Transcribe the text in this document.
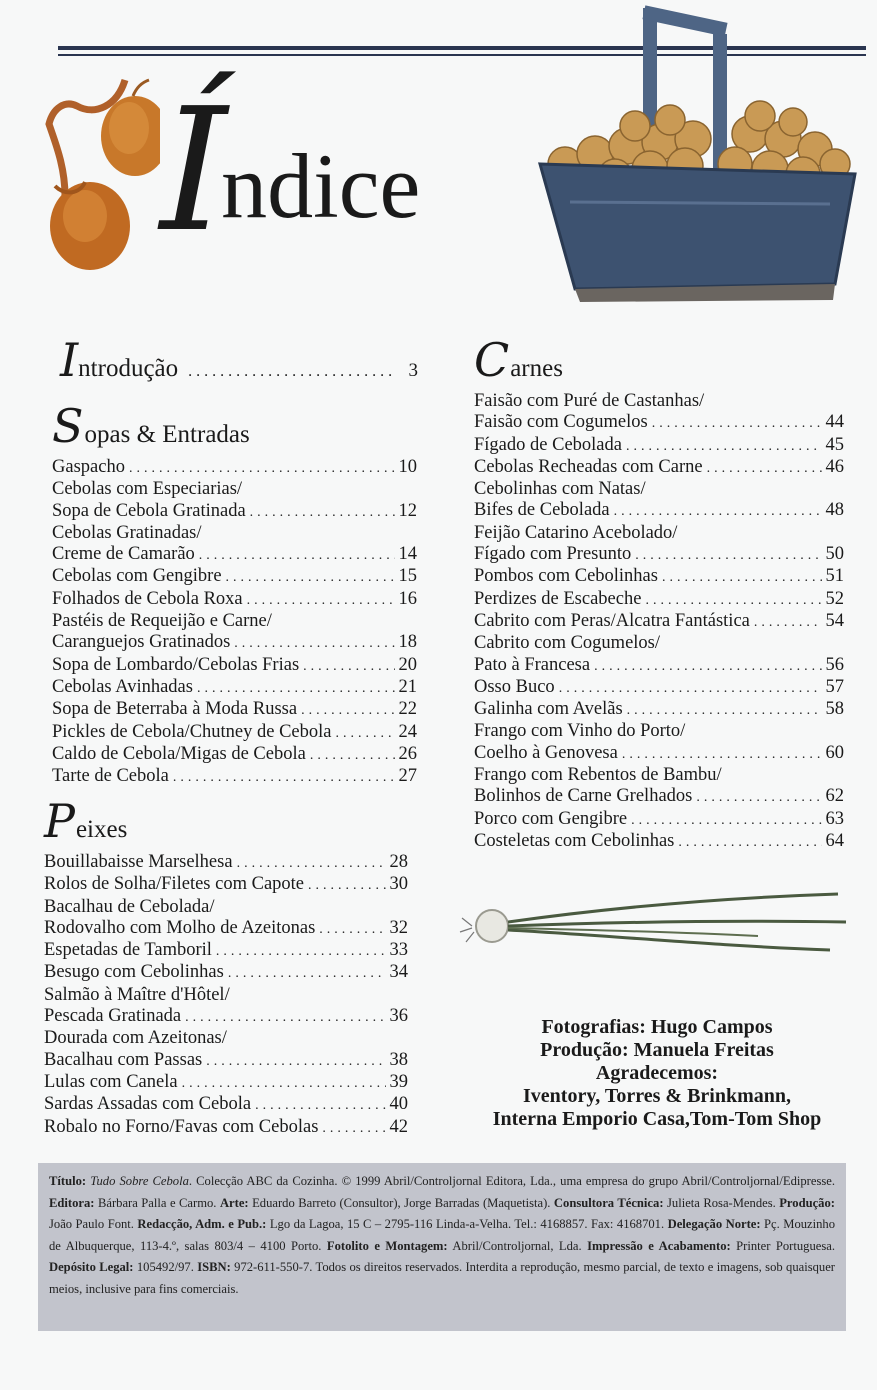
Índice
Introdução .....	3
Sopas & Entradas
Gaspacho .....	10
Cebolas com Especiarias/
Sopa de Cebola Gratinada .....	12
Cebolas Gratinadas/
Creme de Camarão .....	14
Cebolas com Gengibre .....	15
Folhados de Cebola Roxa .....	16
Pastéis de Requeijão e Carne/
Caranguejos Gratinados .....	18
Sopa de Lombardo/Cebolas Frias .....	20
Cebolas Avinhadas .....	21
Sopa de Beterraba à Moda Russa .....	22
Pickles de Cebola/Chutney de Cebola .....	24
Caldo de Cebola/Migas de Cebola .....	26
Tarte de Cebola .....	27
Peixes
Bouillabaisse Marselhesa .....	28
Rolos de Solha/Filetes com Capote .....	30
Bacalhau de Cebolada/
Rodovalho com Molho de Azeitonas .....	32
Espetadas de Tamboril .....	33
Besugo com Cebolinhas .....	34
Salmão à Maître d'Hôtel/
Pescada Gratinada .....	36
Dourada com Azeitonas/
Bacalhau com Passas .....	38
Lulas com Canela .....	39
Sardas Assadas com Cebola .....	40
Robalo no Forno/Favas com Cebolas .....	42
Carnes
Faisão com Puré de Castanhas/
Faisão com Cogumelos .....	44
Fígado de Cebolada .....	45
Cebolas Recheadas com Carne .....	46
Cebolinhas com Natas/
Bifes de Cebolada .....	48
Feijão Catarino Acebolado/
Fígado com Presunto .....	50
Pombos com Cebolinhas .....	51
Perdizes de Escabeche .....	52
Cabrito com Peras/Alcatra Fantástica .....	54
Cabrito com Cogumelos/
Pato à Francesa .....	56
Osso Buco .....	57
Galinha com Avelãs .....	58
Frango com Vinho do Porto/
Coelho à Genovesa .....	60
Frango com Rebentos de Bambu/
Bolinhos de Carne Grelhados .....	62
Porco com Gengibre .....	63
Costeletas com Cebolinhas .....	64
Fotografias: Hugo Campos
Produção: Manuela Freitas
Agradecemos:
Iventory, Torres & Brinkmann,
Interna Emporio Casa,Tom-Tom Shop
Título: Tudo Sobre Cebola. Colecção ABC da Cozinha. © 1999 Abril/Controljornal Editora, Lda., uma empresa do grupo Abril/Controljornal/Edipresse. Editora: Bárbara Palla e Carmo. Arte: Eduardo Barreto (Consultor), Jorge Barradas (Maquetista). Consultora Técnica: Julieta Rosa-Mendes. Produção: João Paulo Font. Redacção, Adm. e Pub.: Lgo da Lagoa, 15 C – 2795-116 Linda-a-Velha. Tel.: 4168857. Fax: 4168701. Delegação Norte: Pç. Mouzinho de Albuquerque, 113-4.º, salas 803/4 – 4100 Porto. Fotolito e Montagem: Abril/Controljornal, Lda. Impressão e Acabamento: Printer Portuguesa. Depósito Legal: 105492/97. ISBN: 972-611-550-7. Todos os direitos reservados. Interdita a reprodução, mesmo parcial, de texto e imagens, sob quaisquer meios, inclusive para fins comerciais.
